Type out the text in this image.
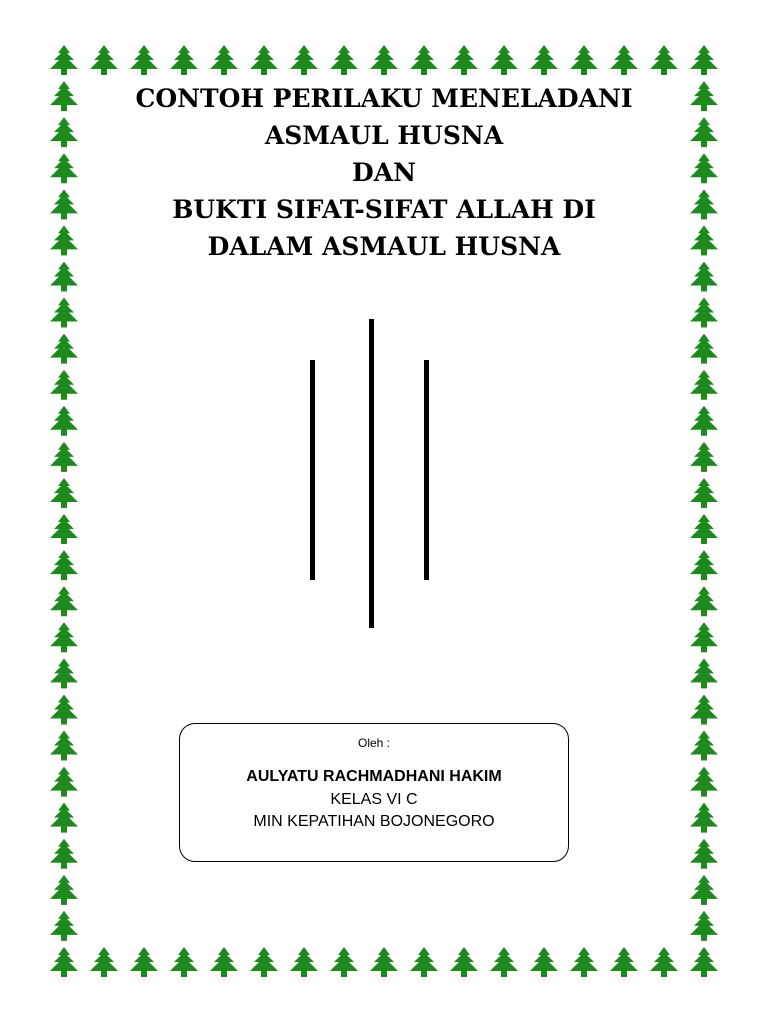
CONTOH PERILAKU MENELADANI
ASMAUL HUSNA
DAN
BUKTI SIFAT-SIFAT ALLAH DI
DALAM ASMAUL HUSNA
Oleh :
AULYATU RACHMADHANI HAKIM
KELAS VI C
MIN KEPATIHAN BOJONEGORO
